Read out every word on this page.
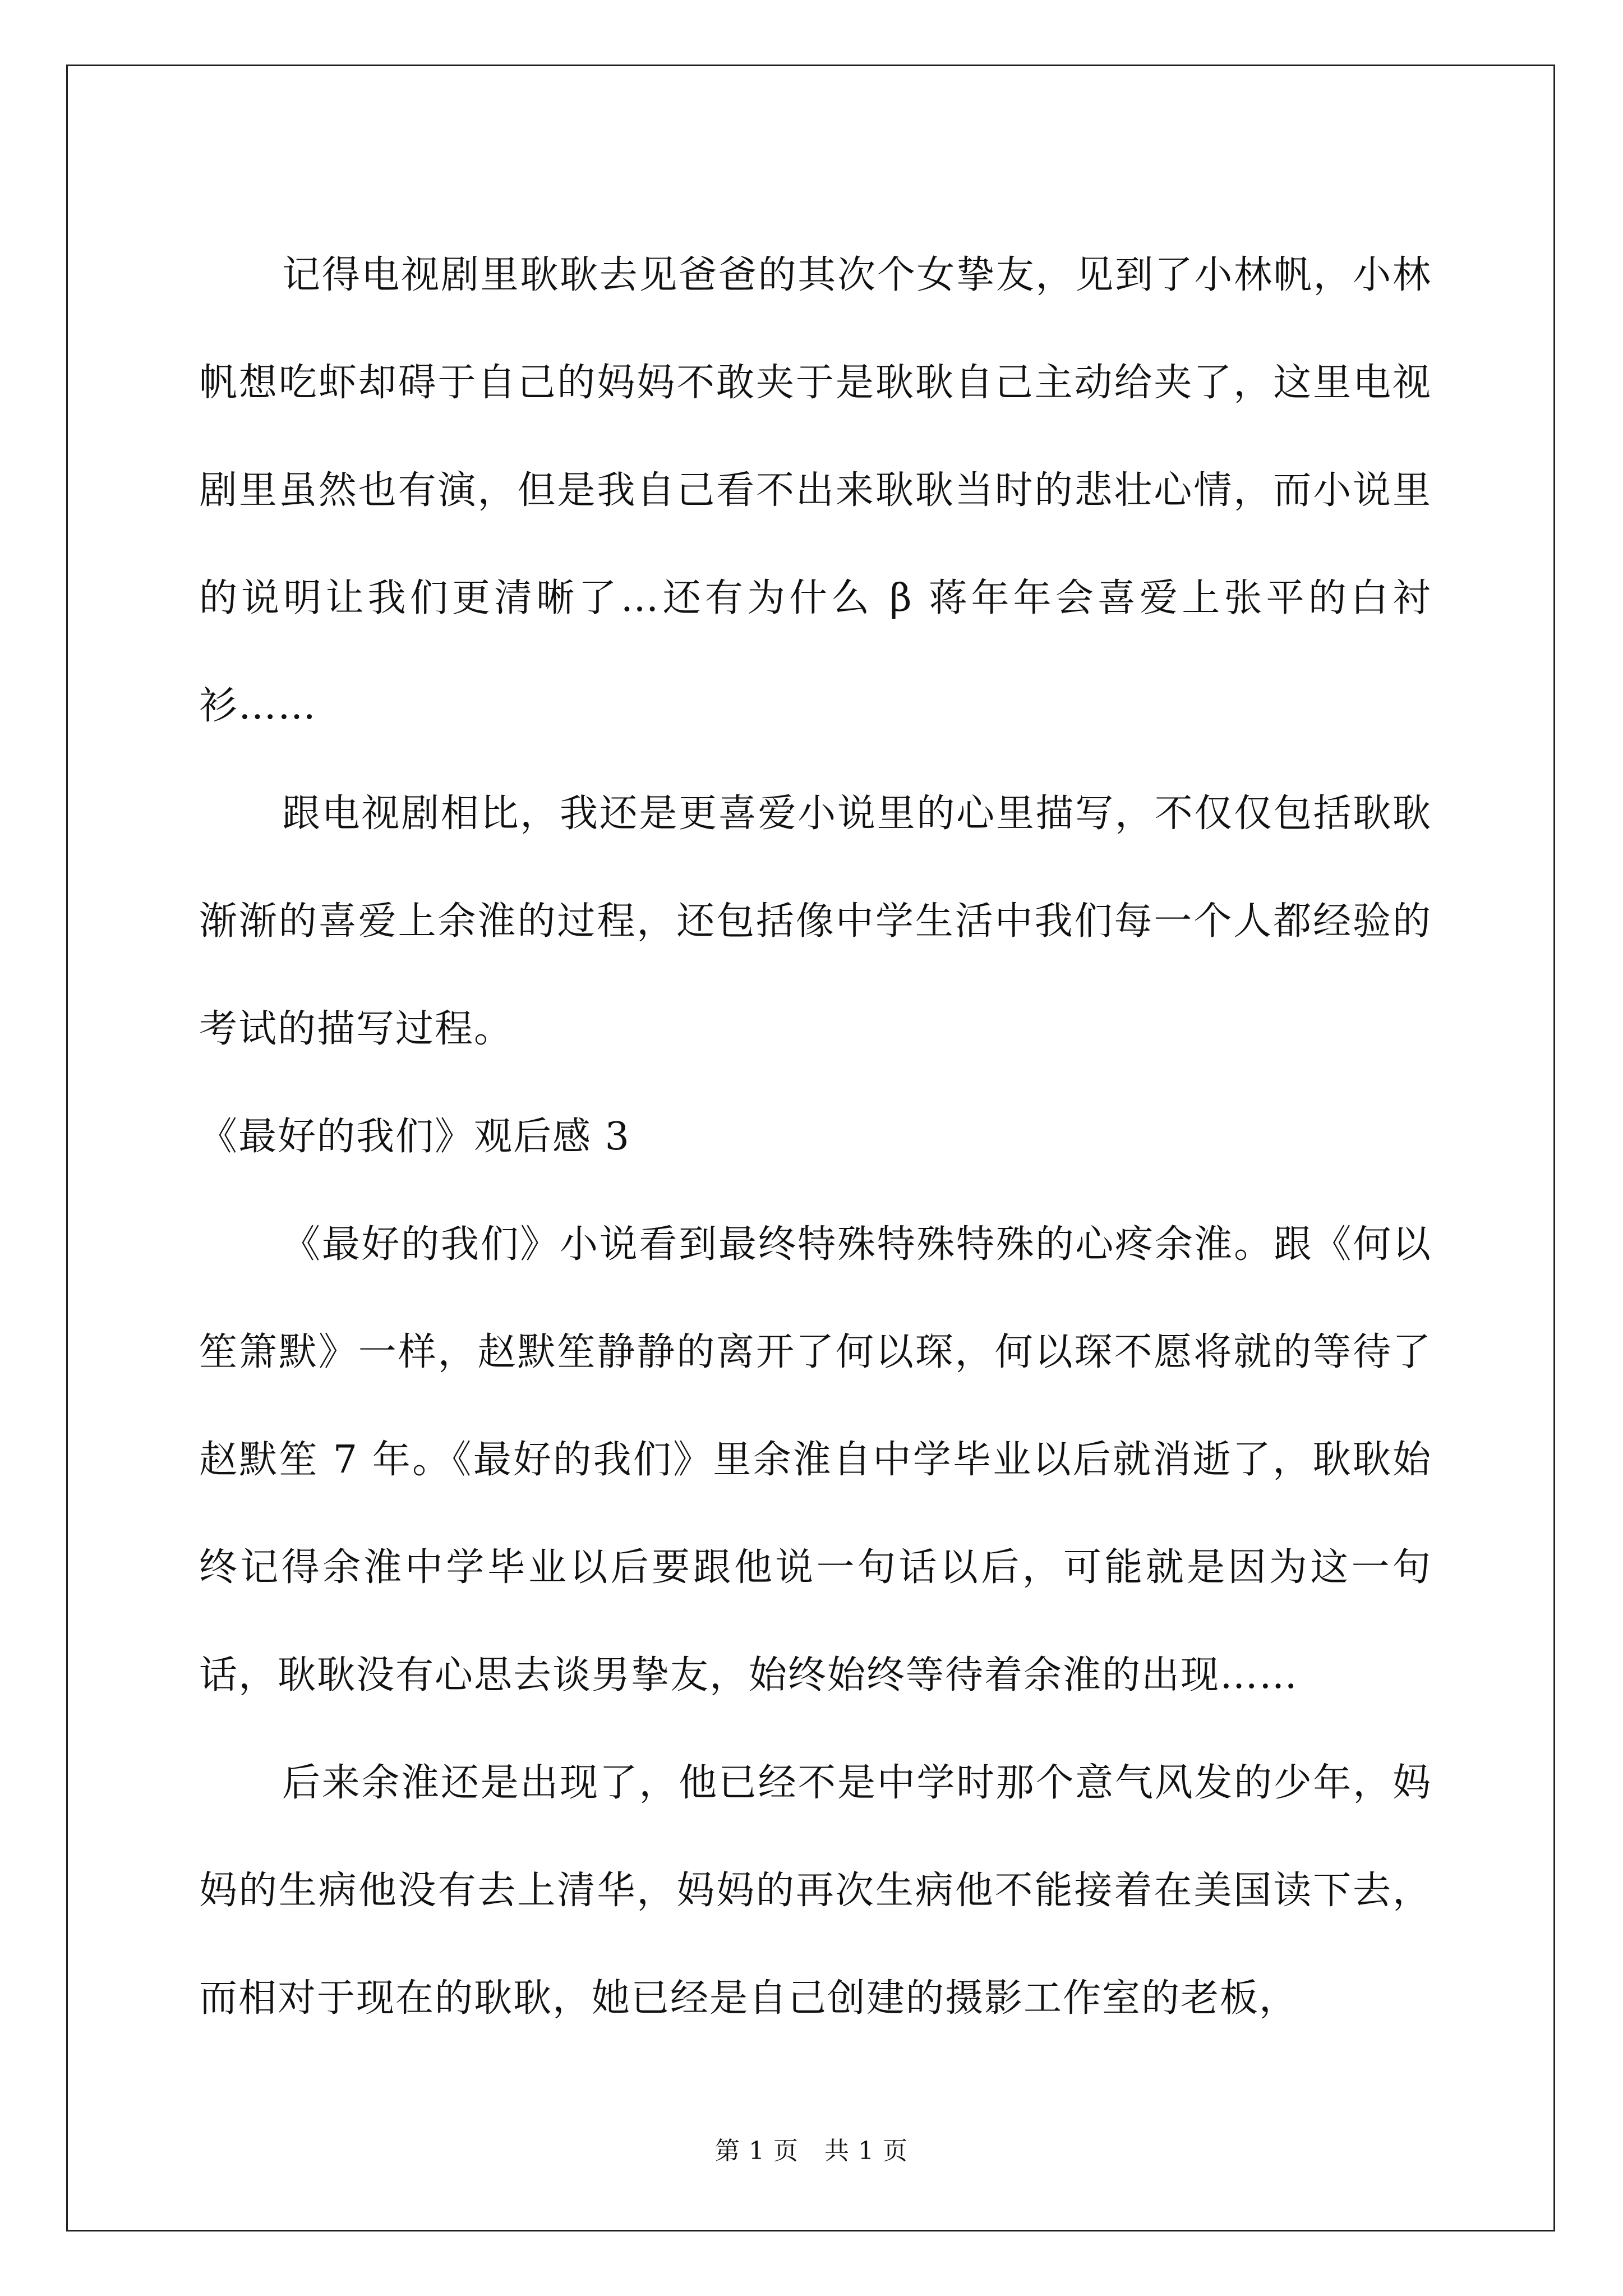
记得电视剧里耿耿去见爸爸的其次个女挚友，见到了小林帆，小林帆想吃虾却碍于自己的妈妈不敢夹于是耿耿自己主动给夹了，这里电视剧里虽然也有演，但是我自己看不出来耿耿当时的悲壮心情，而小说里的说明让我们更清晰了…还有为什么 β 蒋年年会喜爱上张平的白衬衫……

跟电视剧相比，我还是更喜爱小说里的心里描写，不仅仅包括耿耿渐渐的喜爱上余淮的过程，还包括像中学生活中我们每一个人都经验的考试的描写过程。

《最好的我们》观后感 3

《最好的我们》小说看到最终特殊特殊特殊的心疼余淮。跟《何以笙箫默》一样，赵默笙静静的离开了何以琛，何以琛不愿将就的等待了赵默笙 7 年。《最好的我们》里余淮自中学毕业以后就消逝了，耿耿始终记得余淮中学毕业以后要跟他说一句话以后，可能就是因为这一句话，耿耿没有心思去谈男挚友，始终始终等待着余淮的出现……

后来余淮还是出现了，他已经不是中学时那个意气风发的少年，妈妈的生病他没有去上清华，妈妈的再次生病他不能接着在美国读下去，而相对于现在的耿耿，她已经是自己创建的摄影工作室的老板，

第 1 页 共 1 页
